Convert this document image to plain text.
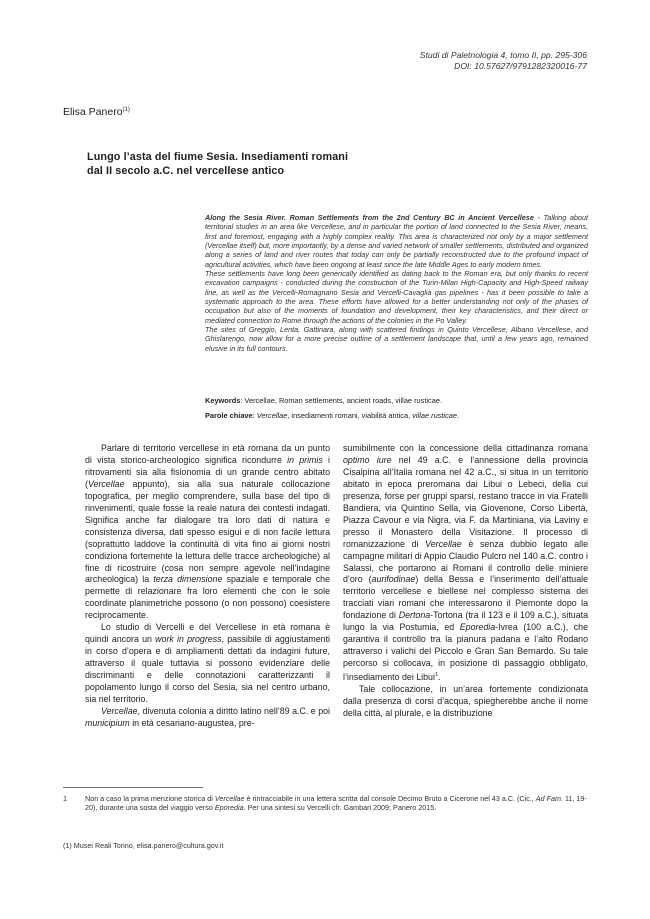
Studi di Paletnologia 4, tomo II, pp. 295-306
DOI: 10.57627/9791282320016-77
Elisa Panero$^{(1)}$
Lungo l’asta del fiume Sesia. Insediamenti romani
dal II secolo a.C. nel vercellese antico

Along the Sesia River. Roman Settlements from the 2nd Century BC in Ancient Vercellese - Talking about territorial studies in an area like Vercellese, and in particular the portion of land connected to the Sesia River, means, first and foremost, engaging with a highly complex reality. This area is characterized not only by a major settlement (Vercellae itself) but, more importantly, by a dense and varied network of smaller settlements, distributed and organized along a series of land and river routes that today can only be partially reconstructed due to the profound impact of agricultural activities, which have been ongoing at least since the late Middle Ages to early modern times.

These settlements have long been generically identified as dating back to the Roman era, but only thanks to recent excavation campaigns - conducted during the construction of the Turin-Milan High-Capacity and High-Speed railway line, as well as the Vercelli-Romagnano Sesia and Vercelli-Cavaglià gas pipelines - has it been possible to take a systematic approach to the area. These efforts have allowed for a better understanding not only of the phases of occupation but also of the moments of foundation and development, their key characteristics, and their direct or mediated connection to Rome through the actions of the colonies in the Po Valley.

The sites of Greggio, Lenta, Gattinara, along with scattered findings in Quinto Vercellese, Albano Vercellese, and Ghislarengo, now allow for a more precise outline of a settlement landscape that, until a few years ago, remained elusive in its full contours.

Keywords: Vercellae, Roman settlements, ancient roads, villae rusticae.
Parole chiave: Vercellae, insediamenti romani, viabilità antica, villae rusticae.

Parlare di territorio vercellese in età romana da un punto di vista storico-archeologico significa ricondurre in primis i ritrovamenti sia alla fisionomia di un grande centro abitato (Vercellae appunto), sia alla sua naturale collocazione topografica, per meglio comprendere, sulla base del tipo di rinvenimenti, quale fosse la reale natura dei contesti indagati. Significa anche far dialogare tra loro dati di natura e consistenza diversa, dati spesso esigui e di non facile lettura (soprattutto laddove la continuità di vita fino ai giorni nostri condiziona fortemente la lettura delle tracce archeologiche) al fine di ricostruire (cosa non sempre agevole nell’indagine archeologica) la terza dimensione spaziale e temporale che permette di relazionare fra loro elementi che con le sole coordinate planimetriche possono (o non possono) coesistere reciprocamente.

Lo studio di Vercelli e del Vercellese in età romana è quindi ancora un work in progress, passibile di aggiustamenti in corso d’opera e di ampliamenti dettati da indagini future, attraverso il quale tuttavia si possono evidenziare delle discriminanti e delle connotazioni caratterizzanti il popolamento lungo il corso del Sesia, sia nel centro urbano, sia nel territorio.

Vercellae, divenuta colonia a diritto latino nell’89 a.C. e poi municipium in età cesariano-augustea, pre-

sumibilmente con la concessione della cittadinanza romana optimo iure nel 49 a.C. e l’annessione della provincia Cisalpina all’Italia romana nel 42 a.C., si situa in un territorio abitato in epoca preromana dai Libui o Lebeci, della cui presenza, forse per gruppi sparsi, restano tracce in via Fratelli Bandiera, via Quintino Sella, via Giovenone, Corso Libertà, Piazza Cavour e via Nigra, via F. da Martiniana, via Laviny e presso il Monastero della Visitazione. Il processo di romanizzazione di Vercellae è senza dubbio legato alle campagne militari di Appio Claudio Pulcro nel 140 a.C. contro i Salassi, che portarono ai Romani il controllo delle miniere d’oro (aurifodinae) della Bessa e l’inserimento dell’attuale territorio vercellese e biellese nel complesso sistema dei tracciati viari romani che interessarono il Piemonte dopo la fondazione di Dertona-Tortona (tra il 123 e il 109 a.C.), situata lungo la via Postumia, ed Eporedia-Ivrea (100 a.C.), che garantiva il controllo tra la pianura padana e l’alto Rodano attraverso i valichi del Piccolo e Gran San Bernardo. Su tale percorso si collocava, in posizione di passaggio obbligato, l’insediamento dei Libui$^1$.

Tale collocazione, in un’area fortemente condizionata dalla presenza di corsi d’acqua, spiegherebbe anche il nome della città, al plurale, e la distribuzione

1	Non a caso la prima menzione storica di Vercellae è rintracciabile in una lettera scritta dal console Decimo Bruto a Cicerone nel 43 a.C. (Cic., Ad Fam. 11, 19-20), durante una sosta del viaggio verso Eporedia. Per una sintesi su Vercelli cfr. Gambari 2009; Panero 2015.
(1) Musei Reali Torino, elisa.panero@cultura.gov.it
